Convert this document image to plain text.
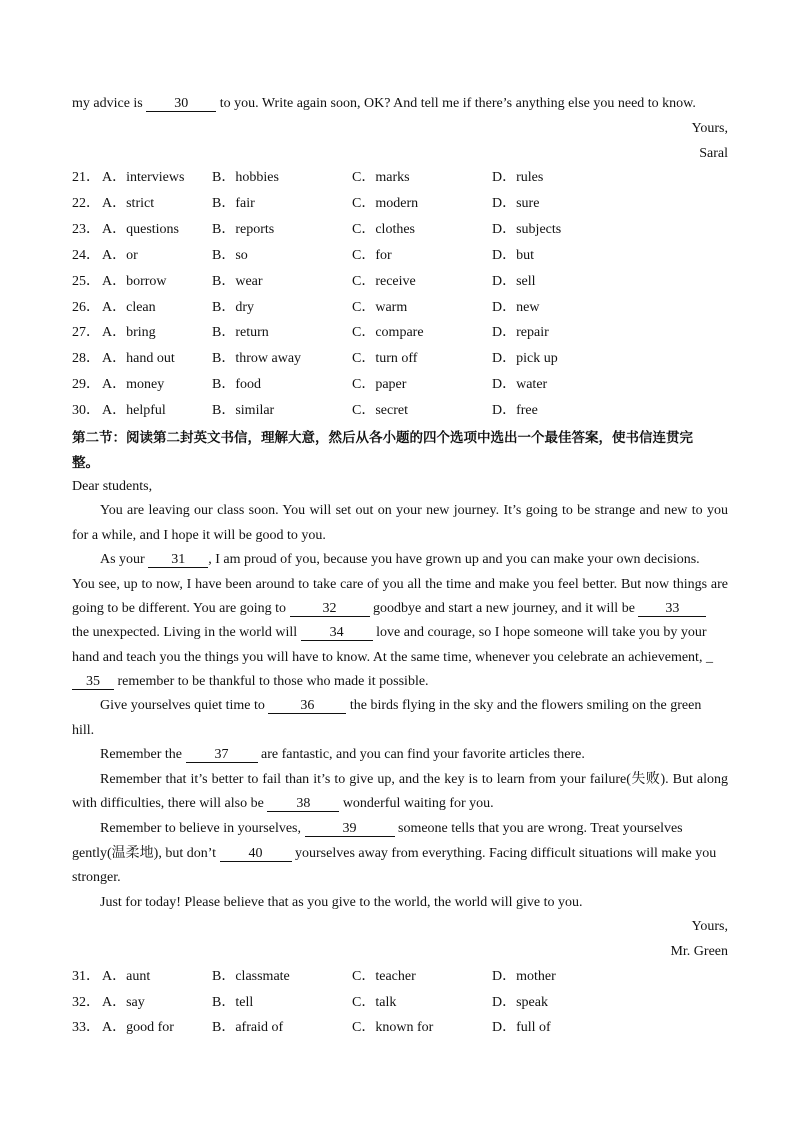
my advice is 30 to you. Write again soon, OK? And tell me if there’s anything else you need to know.
Yours,
Saral
21． A．interviews B．hobbies	C．marks	D．rules
22． A．strict	B．fair	C．modern	D．sure
23． A．questions B．reports	C．clothes	D．subjects
24． A．or	B．so	C．for	D．but
25． A．borrow	B．wear	C．receive	D．sell
26． A．clean	B．dry	C．warm	D．new
27． A．bring	B．return	C．compare	D．repair
28． A．hand out	B．throw away	C．turn off	D．pick up
29． A．money	B．food	C．paper	D．water
30． A．helpful	B．similar	C．secret	D．free
第二节：阅读第二封英文书信，理解大意，然后从各小题的四个选项中选出一个最佳答案，使书信连贯完
整。
Dear students,
You are leaving our class soon. You will set out on your new journey. It’s going to be strange and new to you
for a while, and I hope it will be good to you.
As your 31 , I am proud of you, because you have grown up and you can make your own decisions.
You see, up to now, I have been around to take care of you all the time and make you feel better. But now things are
going to be different. You are going to 32 goodbye and start a new journey, and it will be 33
the unexpected. Living in the world will 34 love and courage, so I hope someone will take you by your
hand and teach you the things you will have to know. At the same time, whenever you celebrate an achievement, _
35 remember to be thankful to those who made it possible.
Give yourselves quiet time to 36 the birds flying in the sky and the flowers smiling on the green
hill.
Remember the 37 are fantastic, and you can find your favorite articles there.
Remember that it’s better to fail than it’s to give up, and the key is to learn from your failure(失败). But along
with difficulties, there will also be 38 wonderful waiting for you.
Remember to believe in yourselves,	39	someone tells that you are wrong. Treat yourselves
gently(温柔地), but don’t 40 yourselves away from everything. Facing difficult situations will make you
stronger.
Just for today! Please believe that as you give to the world, the world will give to you.
Yours,
Mr. Green
31． A．aunt	B．classmate	C．teacher	D．mother
32． A．say	B．tell	C．talk	D．speak
33． A．good for	B．afraid of	C．known for	D．full of
